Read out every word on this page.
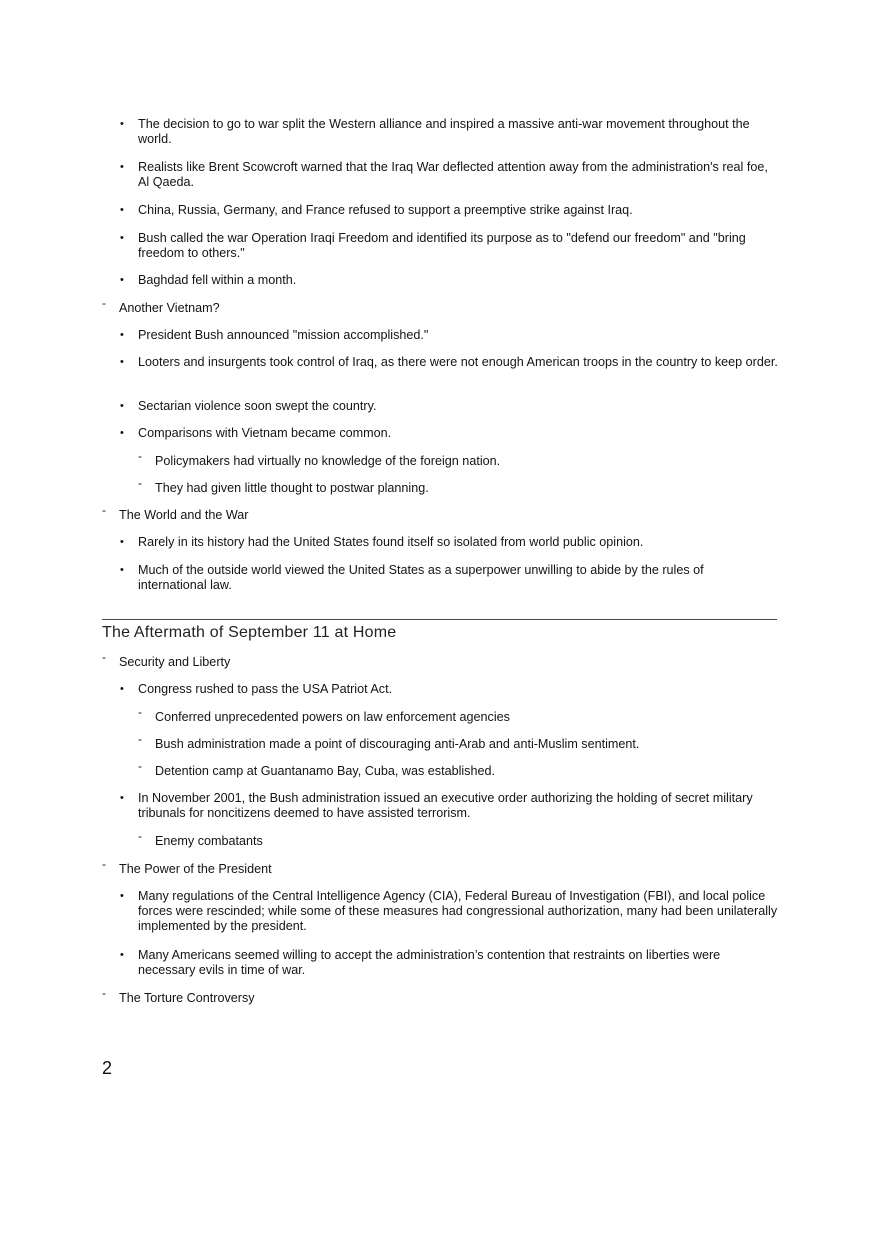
• The decision to go to war split the Western alliance and inspired a massive anti-war movement throughout the world.
• Realists like Brent Scowcroft warned that the Iraq War deflected attention away from the administration's real foe, Al Qaeda.
• China, Russia, Germany, and France refused to support a preemptive strike against Iraq.
• Bush called the war Operation Iraqi Freedom and identified its purpose as to "defend our freedom" and "bring freedom to others."
• Baghdad fell within a month.
- Another Vietnam?
• President Bush announced "mission accomplished."
• Looters and insurgents took control of Iraq, as there were not enough American troops in the country to keep order.
• Sectarian violence soon swept the country.
• Comparisons with Vietnam became common.
- Policymakers had virtually no knowledge of the foreign nation.
- They had given little thought to postwar planning.
- The World and the War
• Rarely in its history had the United States found itself so isolated from world public opinion.
• Much of the outside world viewed the United States as a superpower unwilling to abide by the rules of international law.
The Aftermath of September 11 at Home
- Security and Liberty
• Congress rushed to pass the USA Patriot Act.
- Conferred unprecedented powers on law enforcement agencies
- Bush administration made a point of discouraging anti-Arab and anti-Muslim sentiment.
- Detention camp at Guantanamo Bay, Cuba, was established.
• In November 2001, the Bush administration issued an executive order authorizing the holding of secret military tribunals for noncitizens deemed to have assisted terrorism.
- Enemy combatants
- The Power of the President
• Many regulations of the Central Intelligence Agency (CIA), Federal Bureau of Investigation (FBI), and local police forces were rescinded; while some of these measures had congressional authorization, many had been unilaterally implemented by the president.
• Many Americans seemed willing to accept the administration’s contention that restraints on liberties were necessary evils in time of war.
- The Torture Controversy
2
